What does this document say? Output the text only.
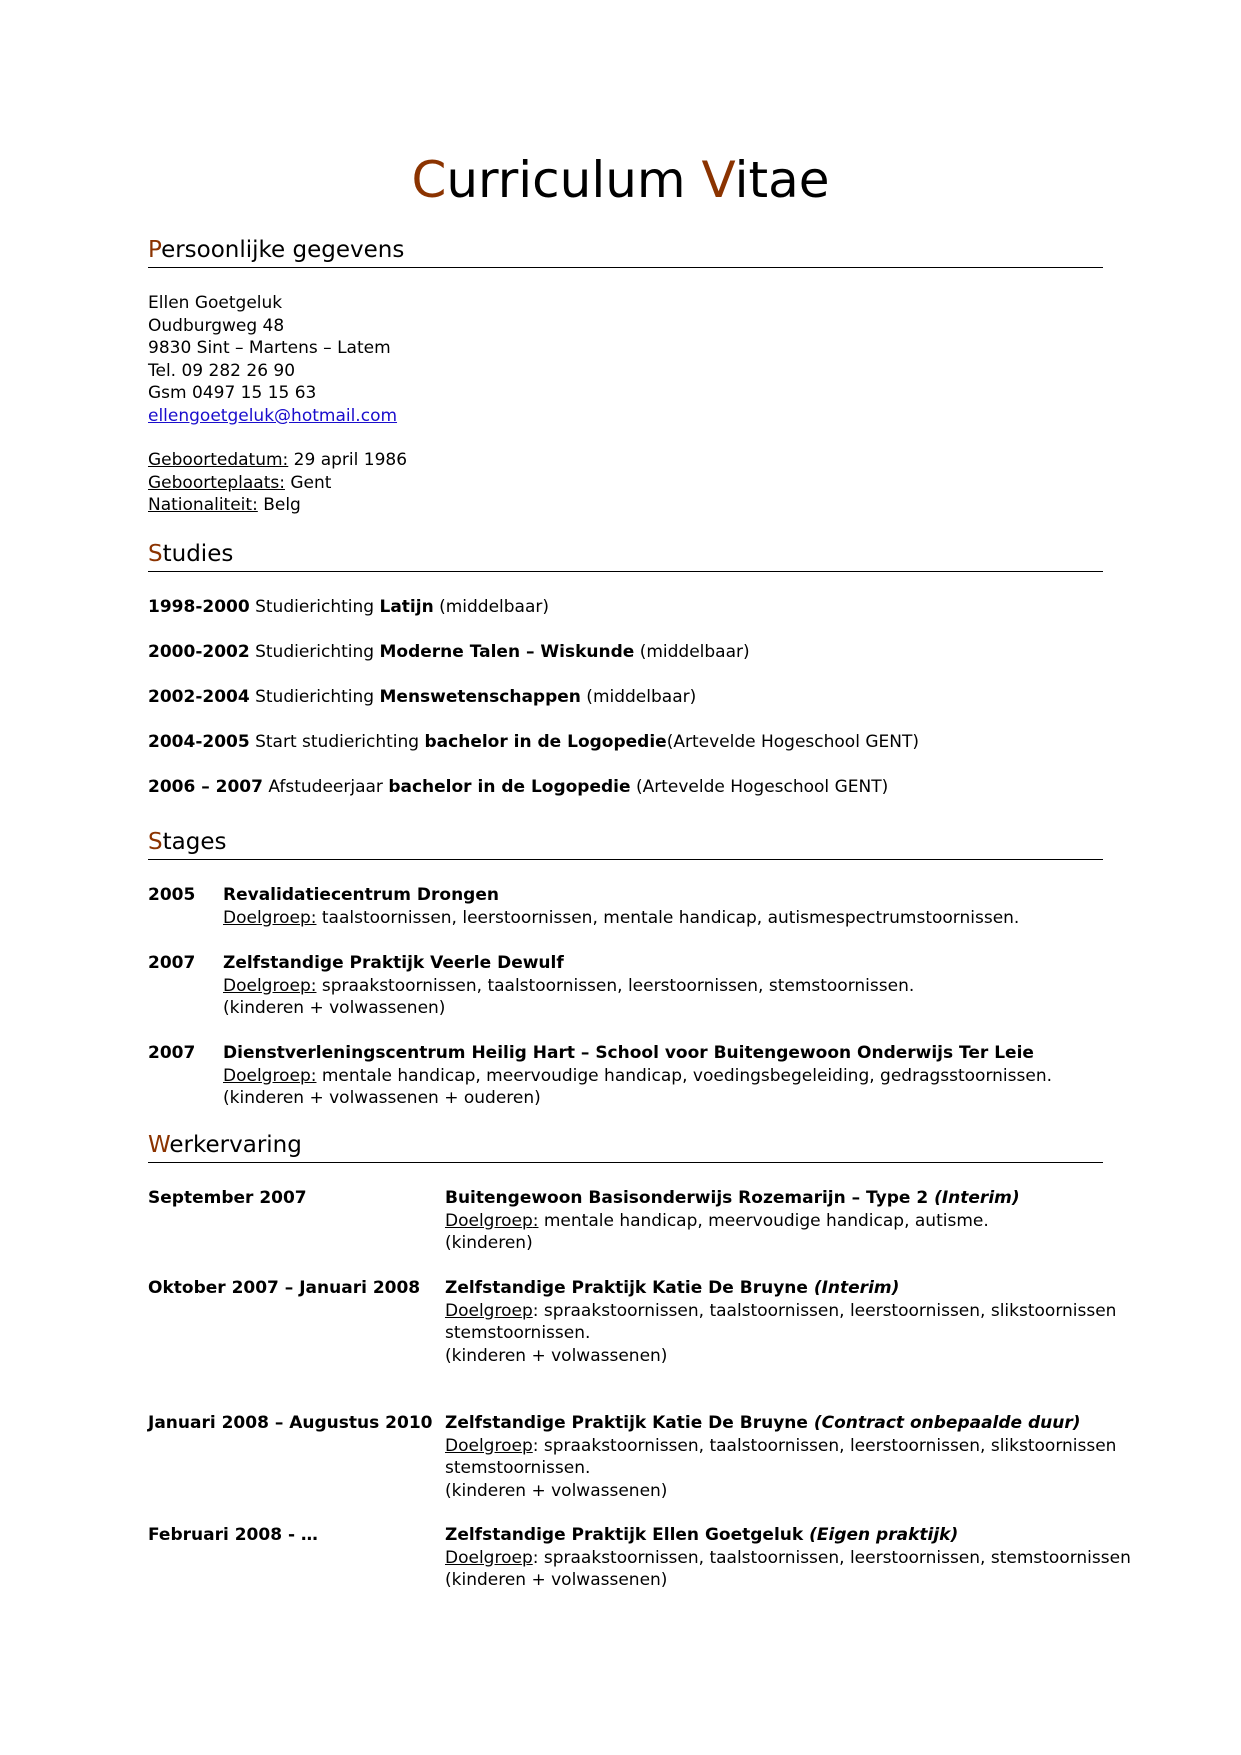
Curriculum Vitae
Persoonlijke gegevens
Ellen Goetgeluk
Oudburgweg 48
9830 Sint – Martens – Latem
Tel. 09 282 26 90
Gsm 0497 15 15 63
ellengoetgeluk@hotmail.com
Geboortedatum: 29 april 1986
Geboorteplaats: Gent
Nationaliteit: Belg
Studies
1998-2000 Studierichting Latijn (middelbaar)
2000-2002 Studierichting Moderne Talen – Wiskunde (middelbaar)
2002-2004 Studierichting Menswetenschappen (middelbaar)
2004-2005 Start studierichting bachelor in de Logopedie(Artevelde Hogeschool GENT)
2006 – 2007 Afstudeerjaar bachelor in de Logopedie (Artevelde Hogeschool GENT)
Stages
2005 Revalidatiecentrum Drongen
Doelgroep: taalstoornissen, leerstoornissen, mentale handicap, autismespectrumstoornissen.
2007 Zelfstandige Praktijk Veerle Dewulf
Doelgroep: spraakstoornissen, taalstoornissen, leerstoornissen, stemstoornissen.
(kinderen + volwassenen)
2007 Dienstverleningscentrum Heilig Hart – School voor Buitengewoon Onderwijs Ter Leie
Doelgroep: mentale handicap, meervoudige handicap, voedingsbegeleiding, gedragsstoornissen.
(kinderen + volwassenen + ouderen)
Werkervaring
September 2007	Buitengewoon Basisonderwijs Rozemarijn – Type 2 (Interim)
Doelgroep: mentale handicap, meervoudige handicap, autisme.
(kinderen)
Oktober 2007 – Januari 2008 Zelfstandige Praktijk Katie De Bruyne (Interim)
Doelgroep: spraakstoornissen, taalstoornissen, leerstoornissen, slikstoornissen
stemstoornissen.
(kinderen + volwassenen)
Januari 2008 – Augustus 2010 Zelfstandige Praktijk Katie De Bruyne (Contract onbepaalde duur)
Doelgroep: spraakstoornissen, taalstoornissen, leerstoornissen, slikstoornissen
stemstoornissen.
(kinderen + volwassenen)
Februari 2008 - …	Zelfstandige Praktijk Ellen Goetgeluk (Eigen praktijk)
Doelgroep: spraakstoornissen, taalstoornissen, leerstoornissen, stemstoornissen
(kinderen + volwassenen)
